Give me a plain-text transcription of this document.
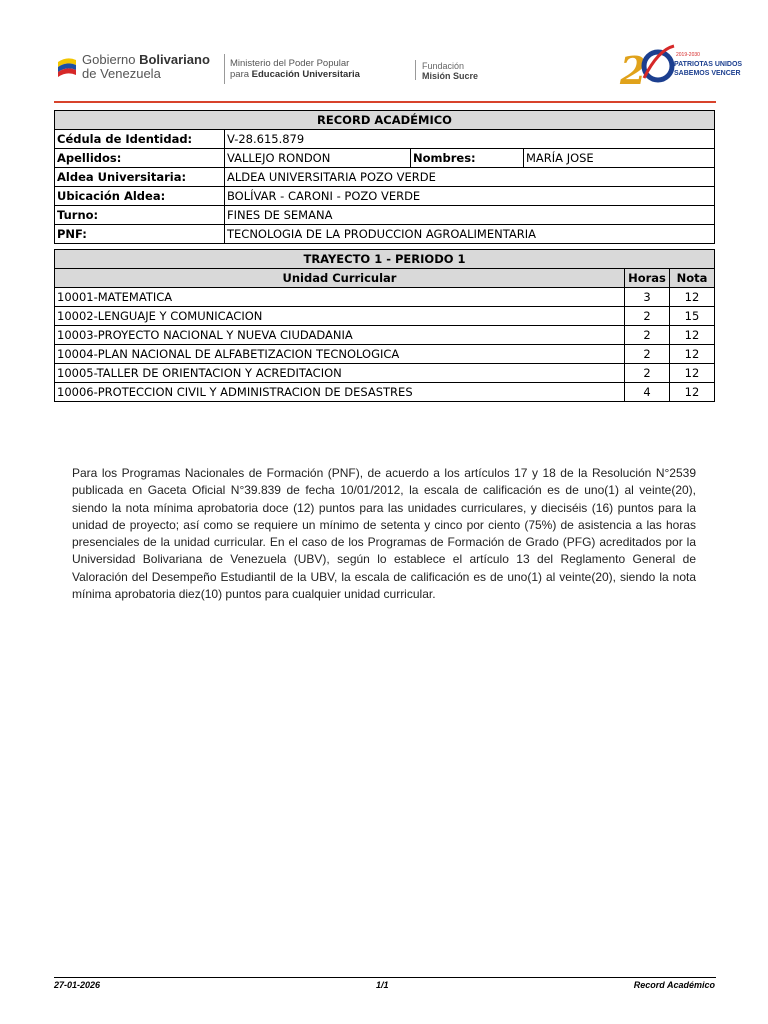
Gobierno Bolivariano
de Venezuela
Ministerio del Poder Popular
para Educación Universitaria
Fundación
Misión Sucre	2	2019-2030
PATRIOTAS UNIDOS
SABEMOS VENCER
RECORD ACADÉMICO			
Cédula de Identidad:	V-28.615.879		
Apellidos:	VALLEJO RONDON	Nombres:	MARÍA JOSE
Aldea Universitaria:	ALDEA UNIVERSITARIA POZO VERDE		
Ubicación Aldea:	BOLÍVAR - CARONI - POZO VERDE		
Turno:	FINES DE SEMANA		
PNF:	TECNOLOGIA DE LA PRODUCCION AGROALIMENTARIA		
TRAYECTO 1 - PERIODO 1		
Unidad Curricular	Horas	Nota
10001-MATEMATICA	3	12
10002-LENGUAJE Y COMUNICACION	2	15
10003-PROYECTO NACIONAL Y NUEVA CIUDADANIA	2	12
10004-PLAN NACIONAL DE ALFABETIZACION TECNOLOGICA	2	12
10005-TALLER DE ORIENTACION Y ACREDITACION	2	12
10006-PROTECCION CIVIL Y ADMINISTRACION DE DESASTRES	4	12

Para los Programas Nacionales de Formación (PNF), de acuerdo a los artículos 17 y 18 de la Resolución N°2539 publicada en Gaceta Oficial N°39.839 de fecha 10/01/2012, la escala de calificación es de uno(1) al veinte(20), siendo la nota mínima aprobatoria doce (12) puntos para las unidades curriculares, y dieciséis (16) puntos para la unidad de proyecto; así como se requiere un mínimo de setenta y cinco por ciento (75%) de asistencia a las horas presenciales de la unidad curricular. En el caso de los Programas de Formación de Grado (PFG) acreditados por la Universidad Bolivariana de Venezuela (UBV), según lo establece el artículo 13 del Reglamento General de Valoración del Desempeño Estudiantil de la UBV, la escala de calificación es de uno(1) al veinte(20), siendo la nota mínima aprobatoria diez(10) puntos para cualquier unidad curricular.

27-01-2026	1/1	Record Académico
